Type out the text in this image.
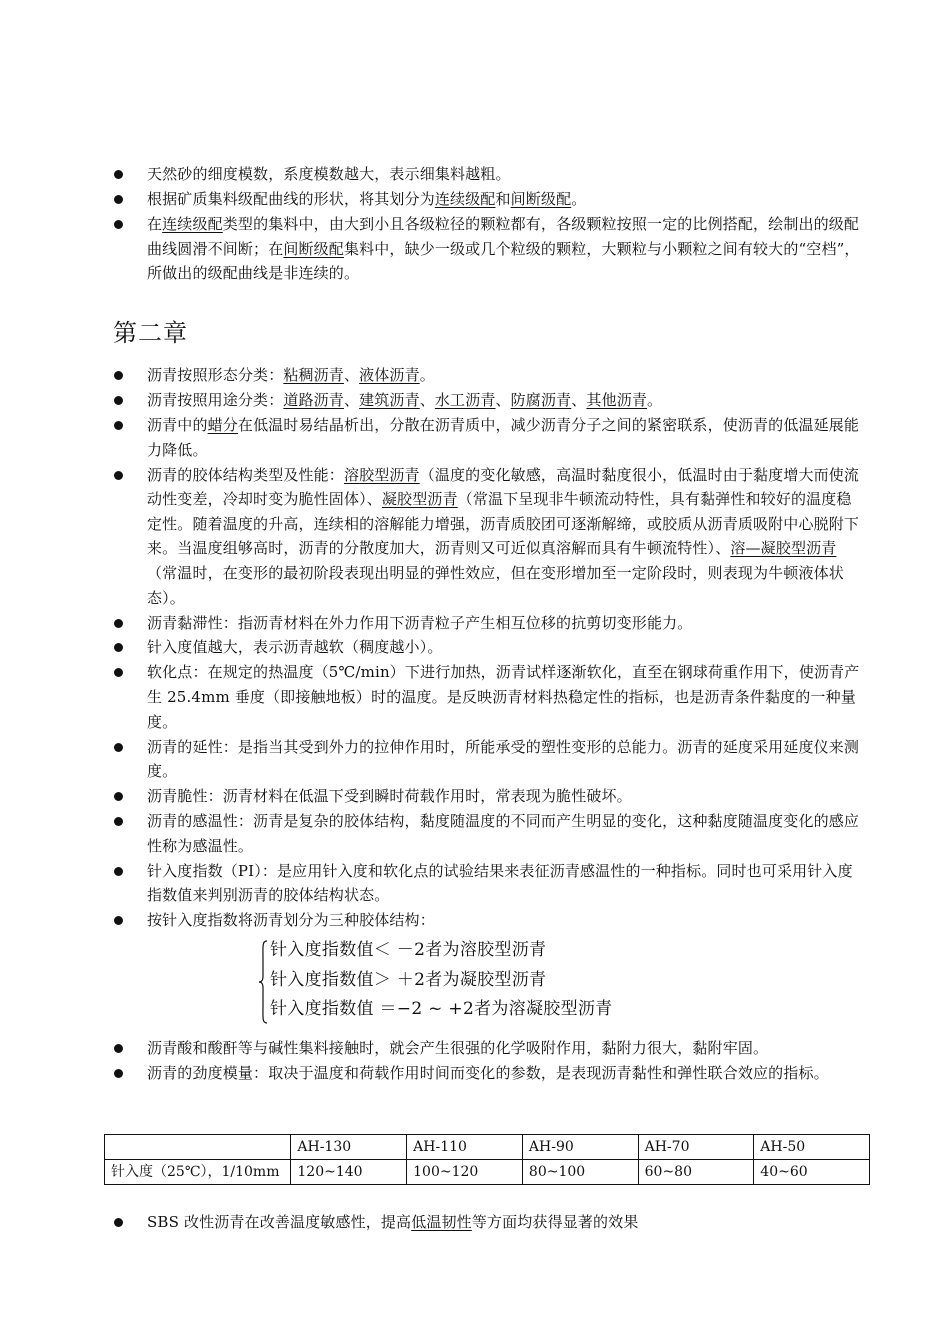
天然砂的细度模数，系度模数越大，表示细集料越粗。
根据矿质集料级配曲线的形状，将其划分为连续级配和间断级配。
在连续级配类型的集料中，由大到小且各级粒径的颗粒都有，各级颗粒按照一定的比例搭配，绘制出的级配曲线圆滑不间断；在间断级配集料中，缺少一级或几个粒级的颗粒，大颗粒与小颗粒之间有较大的“空档”，所做出的级配曲线是非连续的。
第二章
沥青按照形态分类：粘稠沥青、液体沥青。
沥青按照用途分类：道路沥青、建筑沥青、水工沥青、防腐沥青、其他沥青。
沥青中的蜡分在低温时易结晶析出，分散在沥青质中，减少沥青分子之间的紧密联系，使沥青的低温延展能力降低。
沥青的胶体结构类型及性能：溶胶型沥青（温度的变化敏感，高温时黏度很小，低温时由于黏度增大而使流动性变差，冷却时变为脆性固体）、凝胶型沥青（常温下呈现非牛顿流动特性，具有黏弹性和较好的温度稳定性。随着温度的升高，连续相的溶解能力增强，沥青质胶团可逐渐解缔，或胶质从沥青质吸附中心脱附下来。当温度组够高时，沥青的分散度加大，沥青则又可近似真溶解而具有牛顿流特性）、溶—凝胶型沥青（常温时，在变形的最初阶段表现出明显的弹性效应，但在变形增加至一定阶段时，则表现为牛顿液体状态）。
沥青黏滞性：指沥青材料在外力作用下沥青粒子产生相互位移的抗剪切变形能力。
针入度值越大，表示沥青越软（稠度越小）。
软化点：在规定的热温度（5℃/min）下进行加热，沥青试样逐渐软化，直至在钢球荷重作用下，使沥青产生 25.4mm 垂度（即接触地板）时的温度。是反映沥青材料热稳定性的指标，也是沥青条件黏度的一种量度。
沥青的延性：是指当其受到外力的拉伸作用时，所能承受的塑性变形的总能力。沥青的延度采用延度仪来测度。
沥青脆性：沥青材料在低温下受到瞬时荷载作用时，常表现为脆性破坏。
沥青的感温性：沥青是复杂的胶体结构，黏度随温度的不同而产生明显的变化，这种黏度随温度变化的感应性称为感温性。
针入度指数（PI）：是应用针入度和软化点的试验结果来表征沥青感温性的一种指标。同时也可采用针入度指数值来判别沥青的胶体结构状态。
按针入度指数将沥青划分为三种胶体结构：
针入度指数值＜ －2者为溶胶型沥青
针入度指数值＞ ＋2者为凝胶型沥青
针入度指数值 ＝−2 ~ +2者为溶凝胶型沥青
沥青酸和酸酐等与碱性集料接触时，就会产生很强的化学吸附作用，黏附力很大，黏附牢固。
沥青的劲度模量：取决于温度和荷载作用时间而变化的参数，是表现沥青黏性和弹性联合效应的指标。
	AH-130	AH-110	AH-90	AH-70	AH-50
针入度（25℃），1/10mm	120~140	100~120	80~100	60~80	40~60
SBS 改性沥青在改善温度敏感性，提高低温韧性等方面均获得显著的效果
